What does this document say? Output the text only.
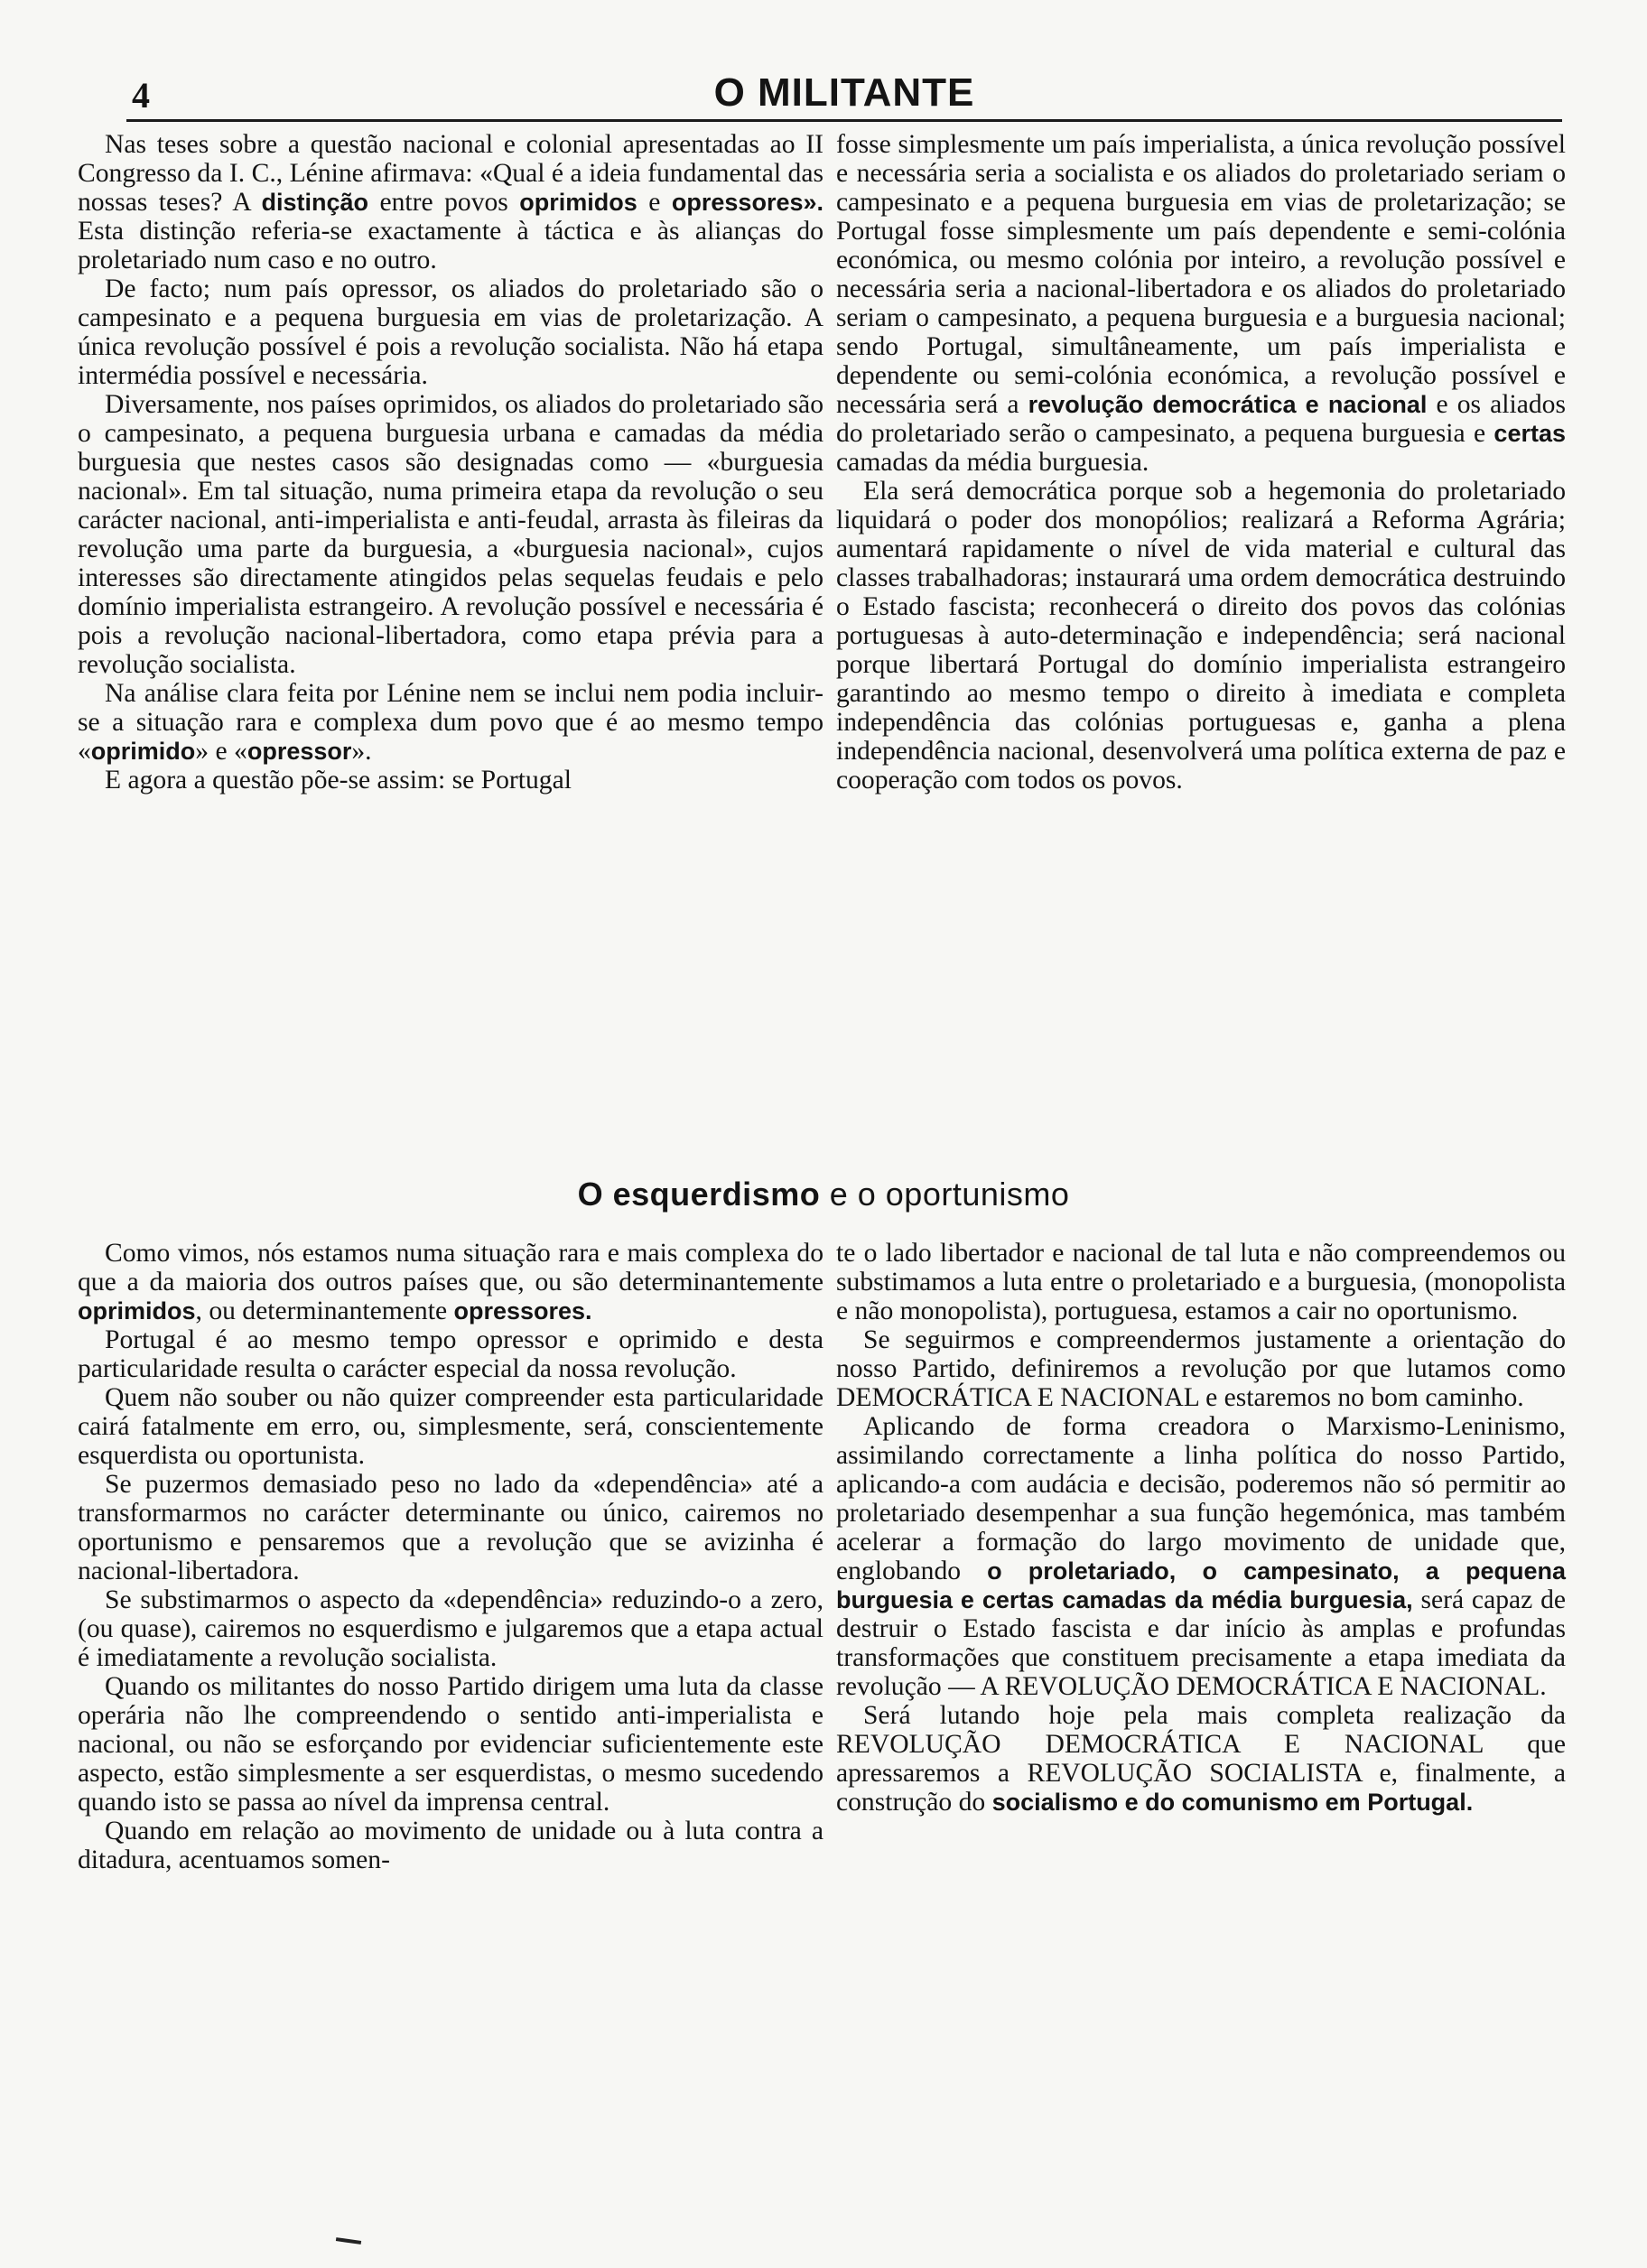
4	O MILITANTE

Nas teses sobre a questão nacional e colonial apresentadas ao II Congresso da I. C., Lénine afirmava: «Qual é a ideia fundamental das nossas teses? A distinção entre povos oprimidos e opressores». Esta distinção referia-se exactamente à táctica e às alianças do proletariado num caso e no outro.

De facto; num país opressor, os aliados do proletariado são o campesinato e a pequena burguesia em vias de proletarização. A única revolução possível é pois a revolução socialista. Não há etapa intermédia possível e necessária.

Diversamente, nos países oprimidos, os aliados do proletariado são o campesinato, a pequena burguesia urbana e camadas da média burguesia que nestes casos são designadas como — «burguesia nacional». Em tal situação, numa primeira etapa da revolução o seu carácter nacional, anti-imperialista e anti-feudal, arrasta às fileiras da revolução uma parte da burguesia, a «burguesia nacional», cujos interesses são directamente atingidos pelas sequelas feudais e pelo domínio imperialista estrangeiro. A revolução possível e necessária é pois a revolução nacional-libertadora, como etapa prévia para a revolução socialista.

Na análise clara feita por Lénine nem se inclui nem podia incluir-se a situação rara e complexa dum povo que é ao mesmo tempo «oprimido» e «opressor».

E agora a questão põe-se assim: se Portugal

fosse simplesmente um país imperialista, a única revolução possível e necessária seria a socialista e os aliados do proletariado seriam o campesinato e a pequena burguesia em vias de proletarização; se Portugal fosse simplesmente um país dependente e semi-colónia económica, ou mesmo colónia por inteiro, a revolução possível e necessária seria a nacional-libertadora e os aliados do proletariado seriam o campesinato, a pequena burguesia e a burguesia nacional; sendo Portugal, simultâneamente, um país imperialista e dependente ou semi-colónia económica, a revolução possível e necessária será a revolução democrática e nacional e os aliados do proletariado serão o campesinato, a pequena burguesia e certas camadas da média burguesia.

Ela será democrática porque sob a hegemonia do proletariado liquidará o poder dos monopólios; realizará a Reforma Agrária; aumentará rapidamente o nível de vida material e cultural das classes trabalhadoras; instaurará uma ordem democrática destruindo o Estado fascista; reconhecerá o direito dos povos das colónias portuguesas à auto-determinação e independência; será nacional porque libertará Portugal do domínio imperialista estrangeiro garantindo ao mesmo tempo o direito à imediata e completa independência das colónias portuguesas e, ganha a plena independência nacional, desenvolverá uma política externa de paz e cooperação com todos os povos.

O esquerdismo e o oportunismo

Como vimos, nós estamos numa situação rara e mais complexa do que a da maioria dos outros países que, ou são determinantemente oprimidos, ou determinantemente opressores.

Portugal é ao mesmo tempo opressor e oprimido e desta particularidade resulta o carácter especial da nossa revolução.

Quem não souber ou não quizer compreender esta particularidade cairá fatalmente em erro, ou, simplesmente, será, conscientemente esquerdista ou oportunista.

Se puzermos demasiado peso no lado da «dependência» até a transformarmos no carácter determinante ou único, cairemos no oportunismo e pensaremos que a revolução que se avizinha é nacional-libertadora.

Se substimarmos o aspecto da «dependência» reduzindo-o a zero, (ou quase), cairemos no esquerdismo e julgaremos que a etapa actual é imediatamente a revolução socialista.

Quando os militantes do nosso Partido dirigem uma luta da classe operária não lhe compreendendo o sentido anti-imperialista e nacional, ou não se esforçando por evidenciar suficientemente este aspecto, estão simplesmente a ser esquerdistas, o mesmo sucedendo quando isto se passa ao nível da imprensa central.

Quando em relação ao movimento de unidade ou à luta contra a ditadura, acentuamos somen-

te o lado libertador e nacional de tal luta e não compreendemos ou substimamos a luta entre o proletariado e a burguesia, (monopolista e não monopolista), portuguesa, estamos a cair no oportunismo.

Se seguirmos e compreendermos justamente a orientação do nosso Partido, definiremos a revolução por que lutamos como DEMOCRÁTICA E NACIONAL e estaremos no bom caminho.

Aplicando de forma creadora o Marxismo-Leninismo, assimilando correctamente a linha política do nosso Partido, aplicando-a com audácia e decisão, poderemos não só permitir ao proletariado desempenhar a sua função hegemónica, mas também acelerar a formação do largo movimento de unidade que, englobando o proletariado, o campesinato, a pequena burguesia e certas camadas da média burguesia, será capaz de destruir o Estado fascista e dar início às amplas e profundas transformações que constituem precisamente a etapa imediata da revolução — A REVOLUÇÃO DEMOCRÁTICA E NACIONAL.

Será lutando hoje pela mais completa realização da REVOLUÇÃO DEMOCRÁTICA E NACIONAL que apressaremos a REVOLUÇÃO SOCIALISTA e, finalmente, a construção do socialismo e do comunismo em Portugal.
